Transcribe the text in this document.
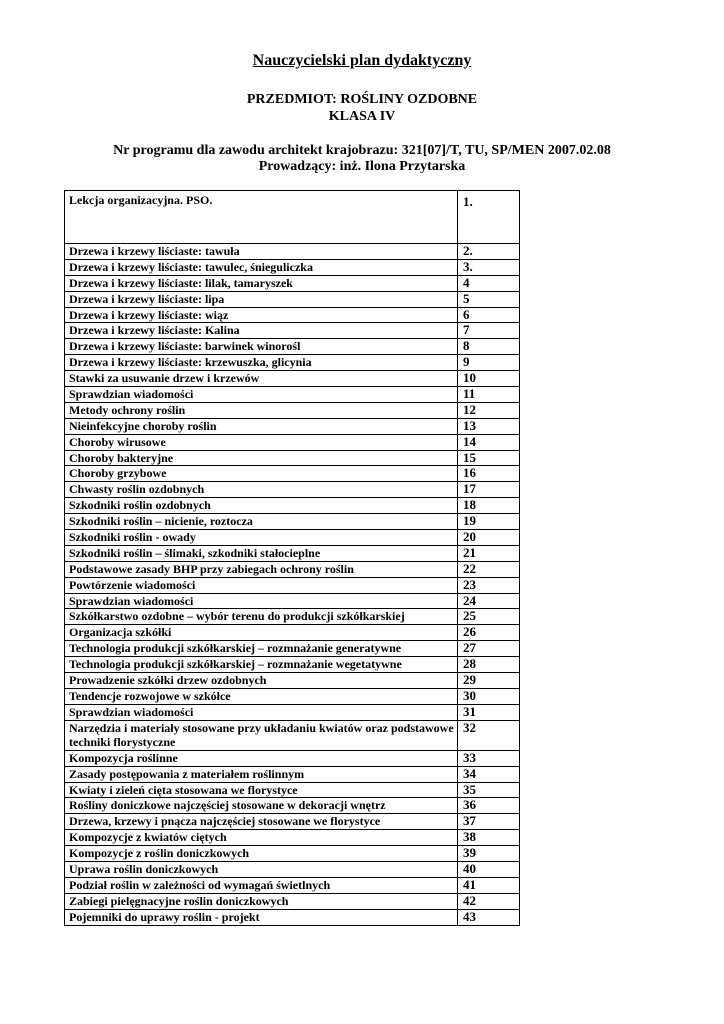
Nauczycielski plan dydaktyczny
PRZEDMIOT: ROŚLINY OZDOBNE
KLASA IV
Nr programu dla zawodu architekt krajobrazu: 321[07]/T, TU, SP/MEN 2007.02.08
Prowadzący: inż. Ilona Przytarska
Lekcja organizacyjna. PSO.	1.
Drzewa i krzewy liściaste: tawuła	2.
Drzewa i krzewy liściaste: tawulec, śnieguliczka	3.
Drzewa i krzewy liściaste: lilak, tamaryszek	4
Drzewa i krzewy liściaste: lipa	5
Drzewa i krzewy liściaste: wiąz	6
Drzewa i krzewy liściaste: Kalina	7
Drzewa i krzewy liściaste: barwinek winorośl	8
Drzewa i krzewy liściaste: krzewuszka, glicynia	9
Stawki za usuwanie drzew i krzewów	10
Sprawdzian wiadomości	11
Metody ochrony roślin	12
Nieinfekcyjne choroby roślin	13
Choroby wirusowe	14
Choroby bakteryjne	15
Choroby grzybowe	16
Chwasty roślin ozdobnych	17
Szkodniki roślin ozdobnych	18
Szkodniki roślin – nicienie, roztocza	19
Szkodniki roślin - owady	20
Szkodniki roślin – ślimaki, szkodniki stałocieplne	21
Podstawowe zasady BHP przy zabiegach ochrony roślin	22
Powtórzenie wiadomości	23
Sprawdzian wiadomości	24
Szkółkarstwo ozdobne – wybór terenu do produkcji szkółkarskiej	25
Organizacja szkółki	26
Technologia produkcji szkółkarskiej – rozmnażanie generatywne	27
Technologia produkcji szkółkarskiej – rozmnażanie wegetatywne	28
Prowadzenie szkółki drzew ozdobnych	29
Tendencje rozwojowe w szkółce	30
Sprawdzian wiadomości	31
Narzędzia i materiały stosowane przy układaniu kwiatów oraz podstawowe techniki florystyczne	32
Kompozycja roślinne	33
Zasady postępowania z materiałem roślinnym	34
Kwiaty i zieleń cięta stosowana we florystyce	35
Rośliny doniczkowe najczęściej stosowane w dekoracji wnętrz	36
Drzewa, krzewy i pnącza najczęściej stosowane we florystyce	37
Kompozycje z kwiatów ciętych	38
Kompozycje z roślin doniczkowych	39
Uprawa roślin doniczkowych	40
Podział roślin w zależności od wymagań świetlnych	41
Zabiegi pielęgnacyjne roślin doniczkowych	42
Pojemniki do uprawy roślin - projekt	43
